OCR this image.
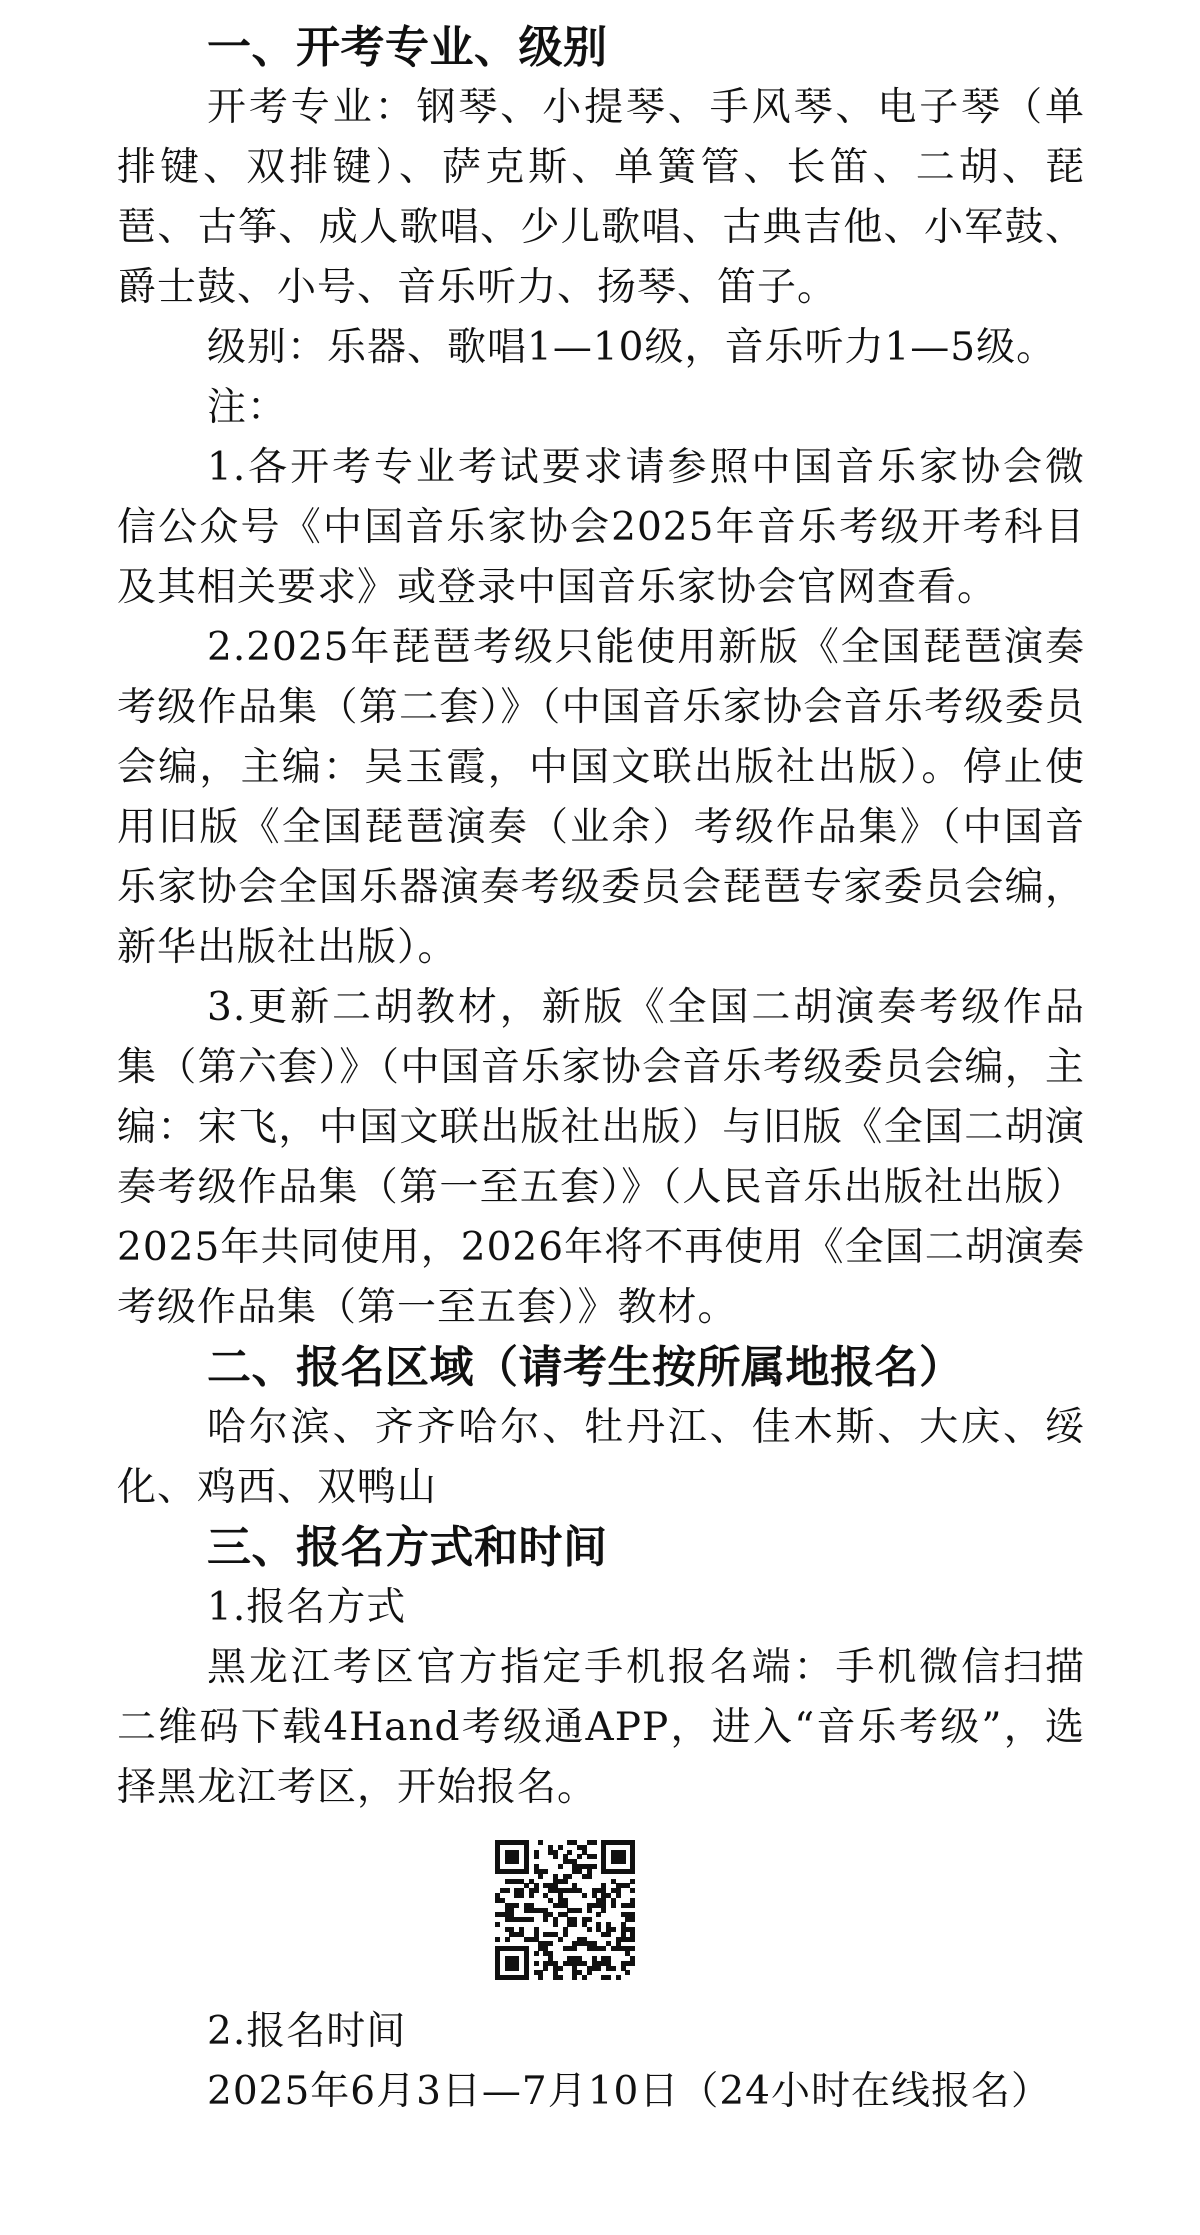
一、开考专业、级别

开考专业：钢琴、小提琴、手风琴、电子琴（单排键、双排键）、萨克斯、单簧管、长笛、二胡、琵琶、古筝、成人歌唱、少儿歌唱、古典吉他、小军鼓、爵士鼓、小号、音乐听力、扬琴、笛子。

级别：乐器、歌唱1—10级，音乐听力1—5级。

注：

1.各开考专业考试要求请参照中国音乐家协会微信公众号《中国音乐家协会2025年音乐考级开考科目及其相关要求》或登录中国音乐家协会官网查看。

2.2025年琵琶考级只能使用新版《全国琵琶演奏考级作品集（第二套）》（中国音乐家协会音乐考级委员会编，主编：吴玉霞，中国文联出版社出版）。停止使用旧版《全国琵琶演奏（业余）考级作品集》（中国音乐家协会全国乐器演奏考级委员会琵琶专家委员会编，新华出版社出版）。

3.更新二胡教材，新版《全国二胡演奏考级作品集（第六套）》（中国音乐家协会音乐考级委员会编，主编：宋飞，中国文联出版社出版）与旧版《全国二胡演奏考级作品集（第一至五套）》（人民音乐出版社出版）2025年共同使用，2026年将不再使用《全国二胡演奏考级作品集（第一至五套）》教材。

二、报名区域（请考生按所属地报名）

哈尔滨、齐齐哈尔、牡丹江、佳木斯、大庆、绥化、鸡西、双鸭山

三、报名方式和时间

1.报名方式

黑龙江考区官方指定手机报名端：手机微信扫描二维码下载4Hand考级通APP，进入“音乐考级”，选择黑龙江考区，开始报名。

2.报名时间

2025年6月3日—7月10日（24小时在线报名）
